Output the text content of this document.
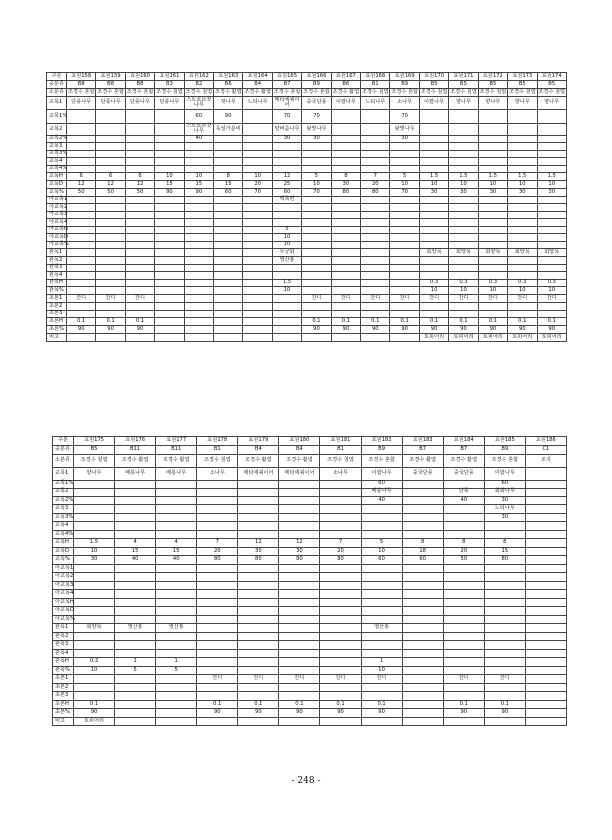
구분	효원158	효원159	효원160	효원161	효원162	효원163	효원164	효원165	효원166	효원167	효원168	효원169	효원170	효원171	효원172	효원173	효원174
중분류	B8	B8	B8	B3	B2	B6	B4	B7	B9	B6	B1	B9	B5	B5	B5	B5	B5
소분류	조경수 혼합	조경수 혼합	조경수 혼합	조경수 침엽	조경수 침엽	조경수 활엽	조경수 활엽	조경수 혼합	조경수 혼합	조경수 활엽	조경수 침엽	조경수 혼합	조경수 침엽	조경수 침엽	조경수 침엽	조경수 침엽	조경수 침엽
교목1	단풍나무	단풍나무	단풍나무	단풍나무	스트로브잣나무	잣나무	느티나무	메타세쿼이어	중국단풍	이팝나무	느티나무	소나무	이팝나무	향나무	향나무	향나무	향나무
교목1%					60	90		70	70			70					
교목2					스트로브잣나무	독일가문비		양버즘나무	왕벚나무			왕벚나무					
교목2%					40			30	30			30					
교목3																	
교목3%																	
교목4																	
교목4%																	
교목H	6	6	6	10	10	8	10	12	5	8	7	5	1.5	1.5	1.5	1.5	1.5
교목D	12	12	12	15	15	15	20	25	10	30	20	10	10	10	10	10	10
교목%	50	50	50	90	90	60	70	60	70	80	80	70	30	30	30	30	30
아교목1								백목련									
아교목2																	
아교목3																	
아교목4																	
아교목H								5									
아교목D								10									
아교목%								10									
관목1								무궁화					회양목	회양목	회양목	회양목	회양목
관목2								영산홍									
관목3																	
관목4																	
관목H								1.5					0.3	0.3	0.3	0.3	0.3
관목%								10					10	10	10	10	10
초본1	잔디	잔디	잔디						잔디	잔디	잔디	잔디	잔디	잔디	잔디	잔디	잔디
초본2																	
초본3																	
초본H	0.1	0.1	0.1						0.1	0.1	0.1	0.1	0.1	0.1	0.1	0.1	0.1
초본%	90	90	90						90	90	90	90	90	90	90	90	90
비고													토피어리	토피어리	토피어리	토피어리	토피어리
구분	효원175	효원176	효원177	효원178	효원179	효원180	효원181	효원182	효원183	효원184	효원185	효원186
중분류	B5	B11	B11	B1	B4	B4	B1	B9	B7	B7	B9	C1
소분류	조경수 침엽	조경수 활엽	조경수 활엽	조경수 침엽	조경수 활엽	조경수 활엽	조경수 침엽	조경수 혼합	조경수 활엽	조경수 활엽	조경수 혼합	조지
교목1	향나무	배롱나무	배롱나무	소나무	메타세쿼이어	메타세쿼이어	소나무	이팝나무	중국단풍	중국단풍	이팝나무	
교목1%								60			60	
교목2								배롱나무		단풍	회화나무	
교목2%								40		40	30	
교목3											느티나무	
교목3%											30	
교목4												
교목4%												
교목H	1.5	4	4	7	12	12	7	5	8	8	8	
교목D	10	15	15	20	30	30	20	10	18	20	15	
교목%	30	40	40	80	80	80	80	60	60	50	80	
아교목1												
아교목2												
아교목3												
아교목4												
아교목H												
아교목D												
아교목%												
관목1	회양목	영산홍	영산홍					영산홍				
관목2												
관목3												
관목4												
관목H	0.3	1	1					1				
관목%	10	5	5					10				
초본1				잔디	잔디	잔디	잔디	잔디		잔디	잔디	
초본2												
초본3												
초본H	0.1			0.1	0.1	0.1	0.1	0.1		0.1	0.1	
초본%	90			90	90	90	90	90		90	90	
비고	토피어리											
- 248 -
